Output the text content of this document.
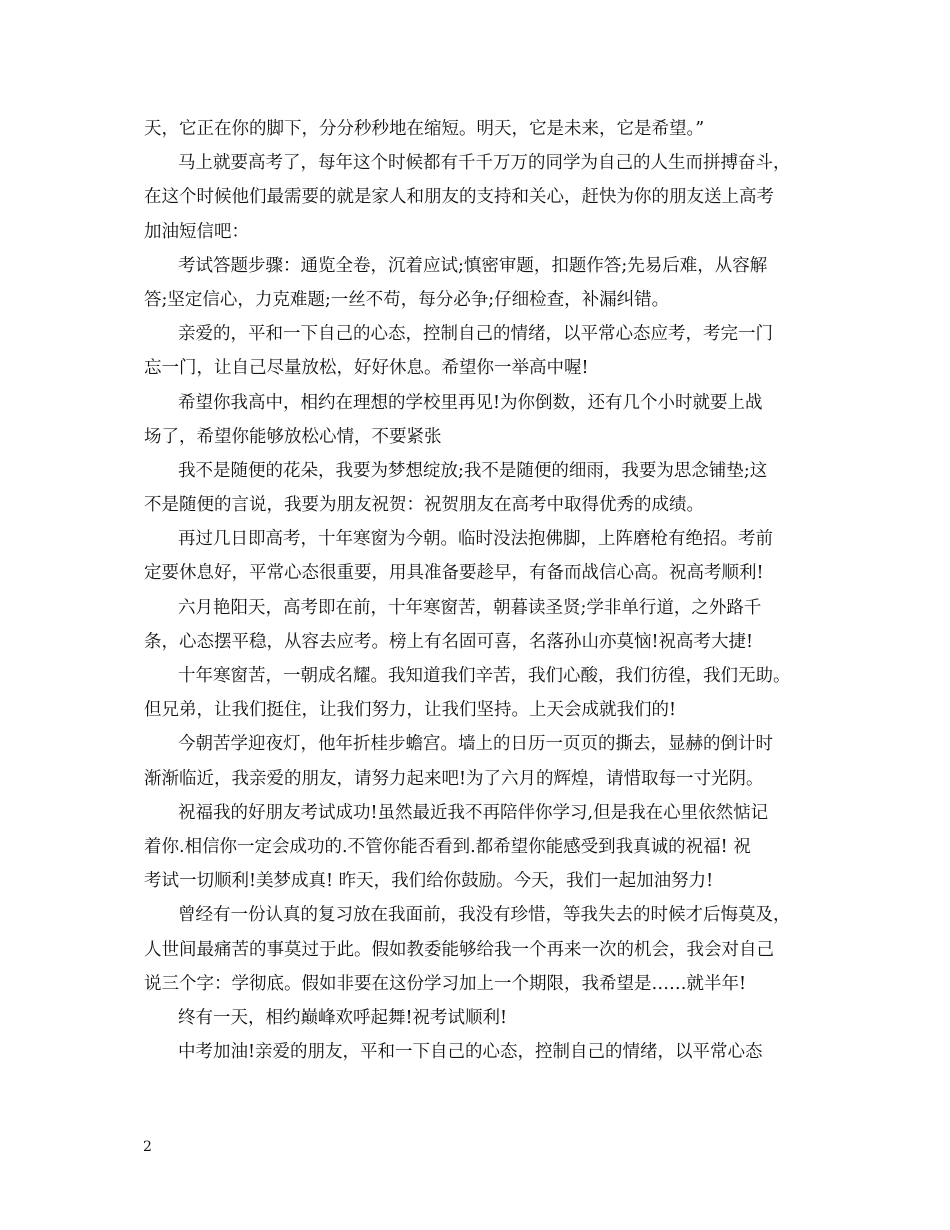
天，它正在你的脚下，分分秒秒地在缩短。明天，它是未来，它是希望。”
马上就要高考了，每年这个时候都有千千万万的同学为自己的人生而拼搏奋斗，
在这个时候他们最需要的就是家人和朋友的支持和关心，赶快为你的朋友送上高考
加油短信吧：
考试答题步骤：通览全卷，沉着应试;慎密审题，扣题作答;先易后难，从容解
答;坚定信心，力克难题;一丝不苟，每分必争;仔细检查，补漏纠错。
亲爱的，平和一下自己的心态，控制自己的情绪，以平常心态应考，考完一门
忘一门，让自己尽量放松，好好休息。希望你一举高中喔!
希望你我高中，相约在理想的学校里再见!为你倒数，还有几个小时就要上战
场了，希望你能够放松心情，不要紧张
我不是随便的花朵，我要为梦想绽放;我不是随便的细雨，我要为思念铺垫;这
不是随便的言说，我要为朋友祝贺：祝贺朋友在高考中取得优秀的成绩。
再过几日即高考，十年寒窗为今朝。临时没法抱佛脚，上阵磨枪有绝招。考前
定要休息好，平常心态很重要，用具准备要趁早，有备而战信心高。祝高考顺利!
六月艳阳天，高考即在前，十年寒窗苦，朝暮读圣贤;学非单行道，之外路千
条，心态摆平稳，从容去应考。榜上有名固可喜，名落孙山亦莫恼!祝高考大捷!
十年寒窗苦，一朝成名耀。我知道我们辛苦，我们心酸，我们彷徨，我们无助。
但兄弟，让我们挺住，让我们努力，让我们坚持。上天会成就我们的!
今朝苦学迎夜灯，他年折桂步蟾宫。墙上的日历一页页的撕去，显赫的倒计时
渐渐临近，我亲爱的朋友，请努力起来吧!为了六月的辉煌，请惜取每一寸光阴。
祝福我的好朋友考试成功!虽然最近我不再陪伴你学习,但是我在心里依然惦记
着你.相信你一定会成功的.不管你能否看到.都希望你能感受到我真诚的祝福! 祝
考试一切顺利!美梦成真! 昨天，我们给你鼓励。今天，我们一起加油努力!
曾经有一份认真的复习放在我面前，我没有珍惜，等我失去的时候才后悔莫及，
人世间最痛苦的事莫过于此。假如教委能够给我一个再来一次的机会，我会对自己
说三个字：学彻底。假如非要在这份学习加上一个期限，我希望是……就半年!
终有一天，相约巅峰欢呼起舞!祝考试顺利!
中考加油!亲爱的朋友，平和一下自己的心态，控制自己的情绪，以平常心态
2
